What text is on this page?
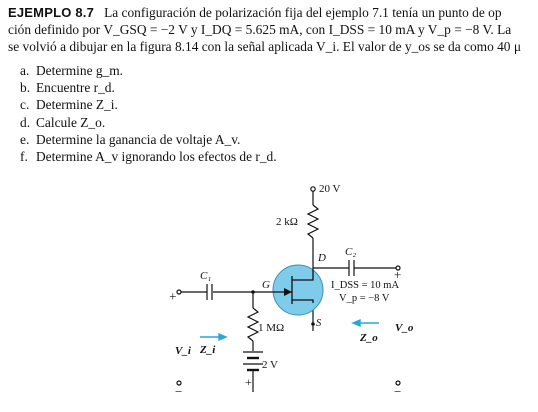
EJEMPLO 8.7 La configuración de polarización fija del ejemplo 7.1 tenía un punto de op
ción definido por V_GSQ = −2 V y I_DQ = 5.625 mA, con I_DSS = 10 mA y V_p = −8 V. La
se volvió a dibujar en la figura 8.14 con la señal aplicada V_i. El valor de y_os se da como 40 μ
a. Determine g_m.
b. Encuentre r_d.
c. Determine Z_i.
d. Calcule Z_o.
e. Determine la ganancia de voltaje A_v.
f. Determine A_v ignorando los efectos de r_d.
20 V
2 kΩ
D C₂
+
C₁
G	I_DSS = 10 mA
V_p = −8 V
S
1 MΩ
2 V
+
+
V_i Z_i
V_o
Z_o
−	−
